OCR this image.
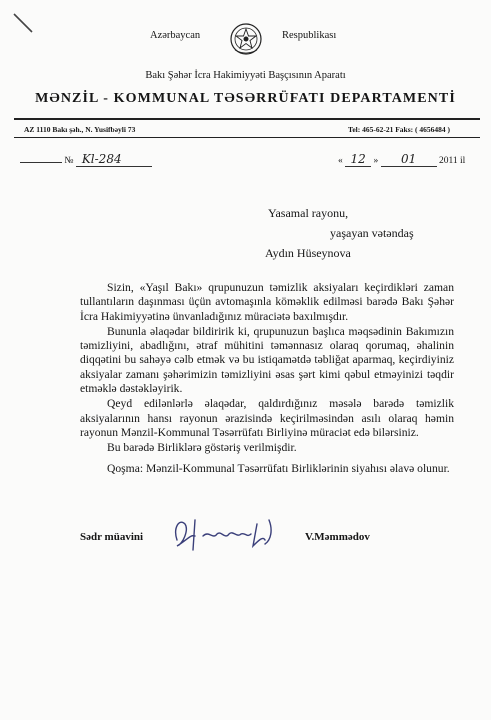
Azərbaycan	Respublikası
Bakı Şəhər İcra Hakimiyyəti Başçısının Aparatı
MƏNZİL - KOMMUNAL TƏSƏRRÜFATI DEPARTAMENTİ
AZ 1110 Bakı şəh., N. Yusifbəyli 73	Tel: 465-62-21 Faks: ( 4656484 )
№ Kl-284	« 12 » 01 2011 il
Yasamal rayonu,
yaşayan vətəndaş
Aydın Hüseynova

Sizin, «Yaşıl Bakı» qrupunuzun təmizlik aksiyaları keçirdikləri zaman tullantıların daşınması üçün avtomaşınla köməklik edilməsi barədə Bakı Şəhər İcra Hakimiyyətinə ünvanladığınız müraciətə baxılmışdır.

Bununla əlaqədar bildiririk ki, qrupunuzun başlıca məqsədinin Bakımızın təmizliyini, abadlığını, ətraf mühitini təmənnasız olaraq qorumaq, əhalinin diqqətini bu sahəyə cəlb etmək və bu istiqamətdə təbliğat aparmaq, keçirdiyiniz aksiyalar zamanı şəhərimizin təmizliyini əsas şərt kimi qəbul etməyinizi təqdir etməklə dəstəkləyirik.

Qeyd edilənlərlə əlaqədar, qaldırdığınız məsələ barədə təmizlik aksiyalarının hansı rayonun ərazisində keçirilməsindən asılı olaraq həmin rayonun Mənzil-Kommunal Təsərrüfatı Birliyinə müraciət edə bilərsiniz.

Bu barədə Birliklərə göstəriş verilmişdir.

Qoşma: Mənzil-Kommunal Təsərrüfatı Birliklərinin siyahısı əlavə olunur.

Sədr müavini	V.Məmmədov
